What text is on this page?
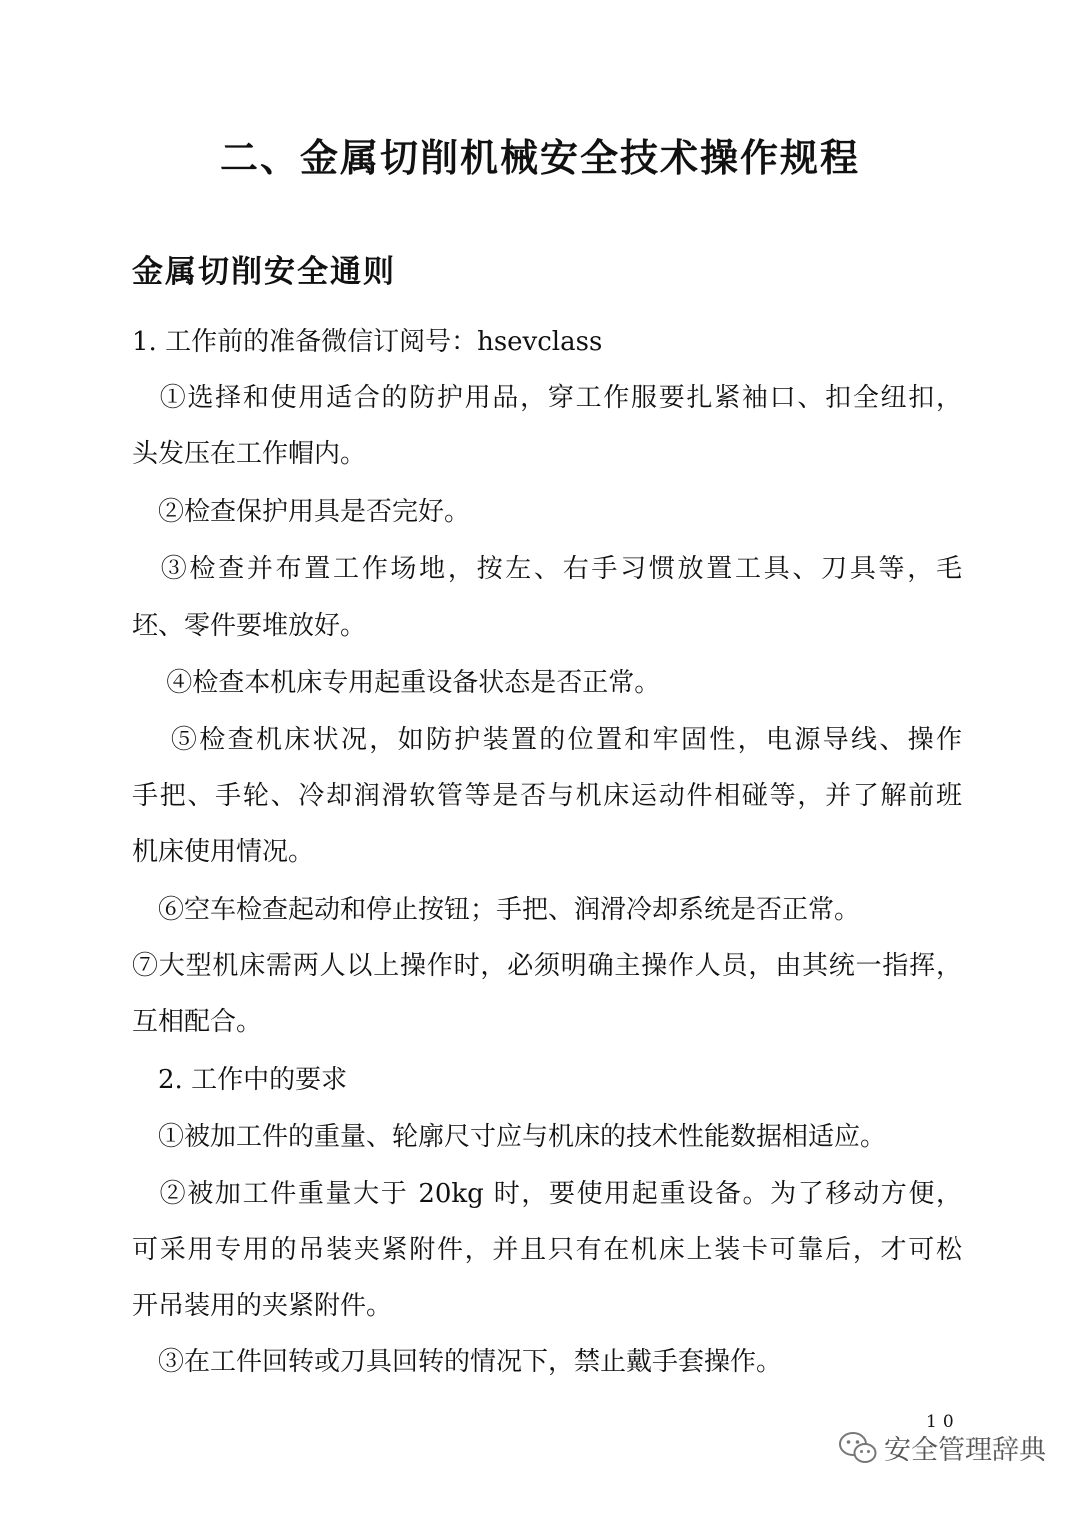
二、金属切削机械安全技术操作规程
金属切削安全通则
1. 工作前的准备微信订阅号：hsevclass
　①选择和使用适合的防护用品，穿工作服要扎紧袖口、扣全纽扣，
头发压在工作帽内。
　②检查保护用具是否完好。
　③检查并布置工作场地，按左、右手习惯放置工具、刀具等，毛
坯、零件要堆放好。
　 ④检查本机床专用起重设备状态是否正常。
　 ⑤检查机床状况，如防护装置的位置和牢固性，电源导线、操作
手把、手轮、冷却润滑软管等是否与机床运动件相碰等，并了解前班
机床使用情况。
　⑥空车检查起动和停止按钮；手把、润滑冷却系统是否正常。
⑦大型机床需两人以上操作时，必须明确主操作人员，由其统一指挥，
互相配合。
　2. 工作中的要求
　①被加工件的重量、轮廓尺寸应与机床的技术性能数据相适应。
　②被加工件重量大于 20kg 时，要使用起重设备。为了移动方便，
可采用专用的吊装夹紧附件，并且只有在机床上装卡可靠后，才可松
开吊装用的夹紧附件。
　③在工件回转或刀具回转的情况下，禁止戴手套操作。
10
安全管理辞典
